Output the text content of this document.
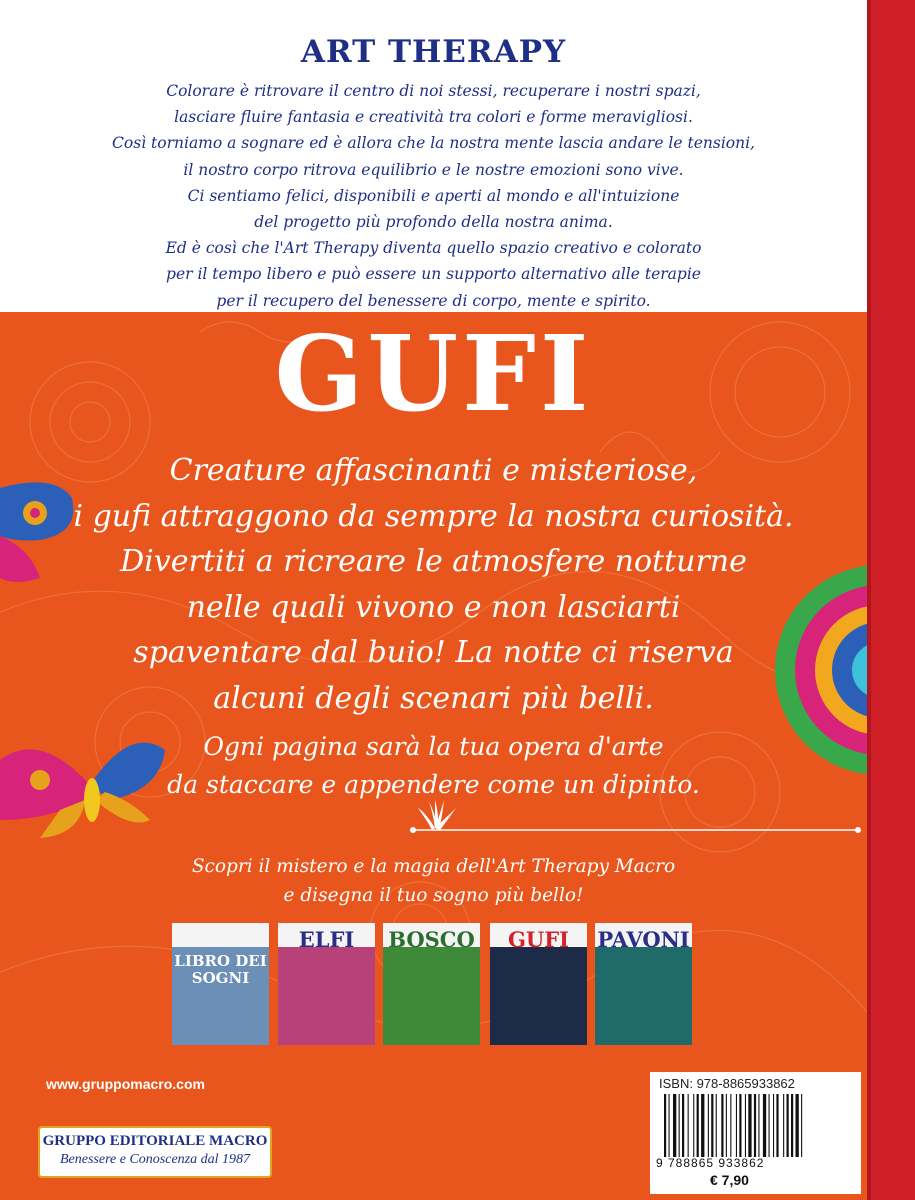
ART THERAPY
Colorare è ritrovare il centro di noi stessi, recuperare i nostri spazi,
lasciare fluire fantasia e creatività tra colori e forme meravigliosi.
Così torniamo a sognare ed è allora che la nostra mente lascia andare le tensioni,
il nostro corpo ritrova equilibrio e le nostre emozioni sono vive.
Ci sentiamo felici, disponibili e aperti al mondo e all'intuizione
del progetto più profondo della nostra anima.
Ed è così che l'Art Therapy diventa quello spazio creativo e colorato
per il tempo libero e può essere un supporto alternativo alle terapie
per il recupero del benessere di corpo, mente e spirito.
GUFI
Creature affascinanti e misteriose,
i gufi attraggono da sempre la nostra curiosità.
Divertiti a ricreare le atmosfere notturne
nelle quali vivono e non lasciarti
spaventare dal buio! La notte ci riserva
alcuni degli scenari più belli.
Ogni pagina sarà la tua opera d'arte
da staccare e appendere come un dipinto.
Scopri il mistero e la magia dell'Art Therapy Macro
e disegna il tuo sogno più bello!
LIBRO DEI SOGNI
ELFI	BOSCO	GUFI	PAVONI
www.gruppomacro.com
GRUPPO EDITORIALE MACRO
Benessere e Conoscenza dal 1987
ISBN: 978-8865933862
9 788865 933862
€ 7,90
